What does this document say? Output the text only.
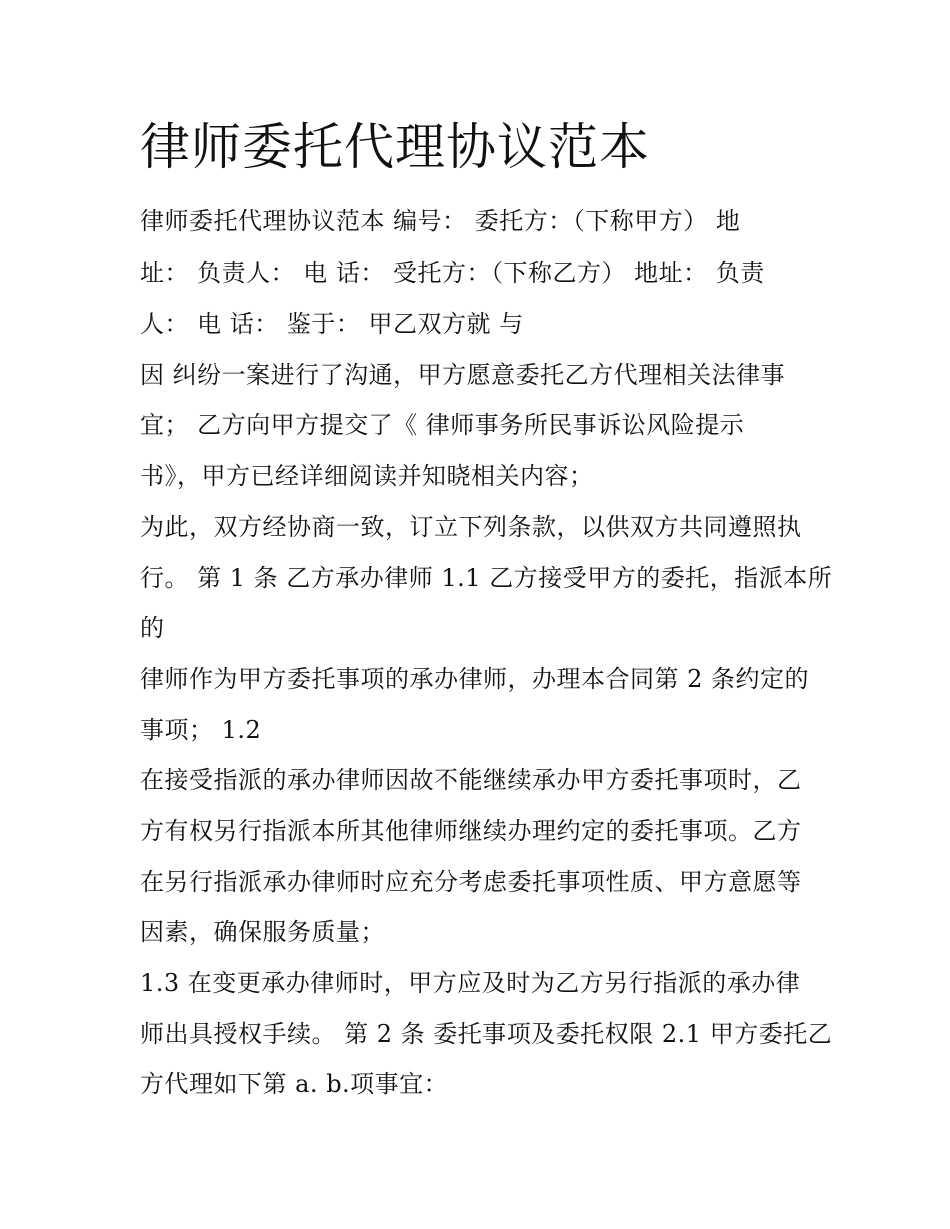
律师委托代理协议范本
律师委托代理协议范本 编号： 委托方：（下称甲方） 地
址： 负责人： 电 话： 受托方：（下称乙方） 地址： 负责
人： 电 话： 鉴于： 甲乙双方就 与
因 纠纷一案进行了沟通，甲方愿意委托乙方代理相关法律事
宜； 乙方向甲方提交了《 律师事务所民事诉讼风险提示
书》，甲方已经详细阅读并知晓相关内容；
为此，双方经协商一致，订立下列条款，以供双方共同遵照执
行。 第 1 条 乙方承办律师 1.1 乙方接受甲方的委托，指派本所
的
律师作为甲方委托事项的承办律师，办理本合同第 2 条约定的
事项； 1.2
在接受指派的承办律师因故不能继续承办甲方委托事项时，乙
方有权另行指派本所其他律师继续办理约定的委托事项。乙方
在另行指派承办律师时应充分考虑委托事项性质、甲方意愿等
因素，确保服务质量；
1.3 在变更承办律师时，甲方应及时为乙方另行指派的承办律
师出具授权手续。 第 2 条 委托事项及委托权限 2.1 甲方委托乙
方代理如下第 a. b.项事宜：
